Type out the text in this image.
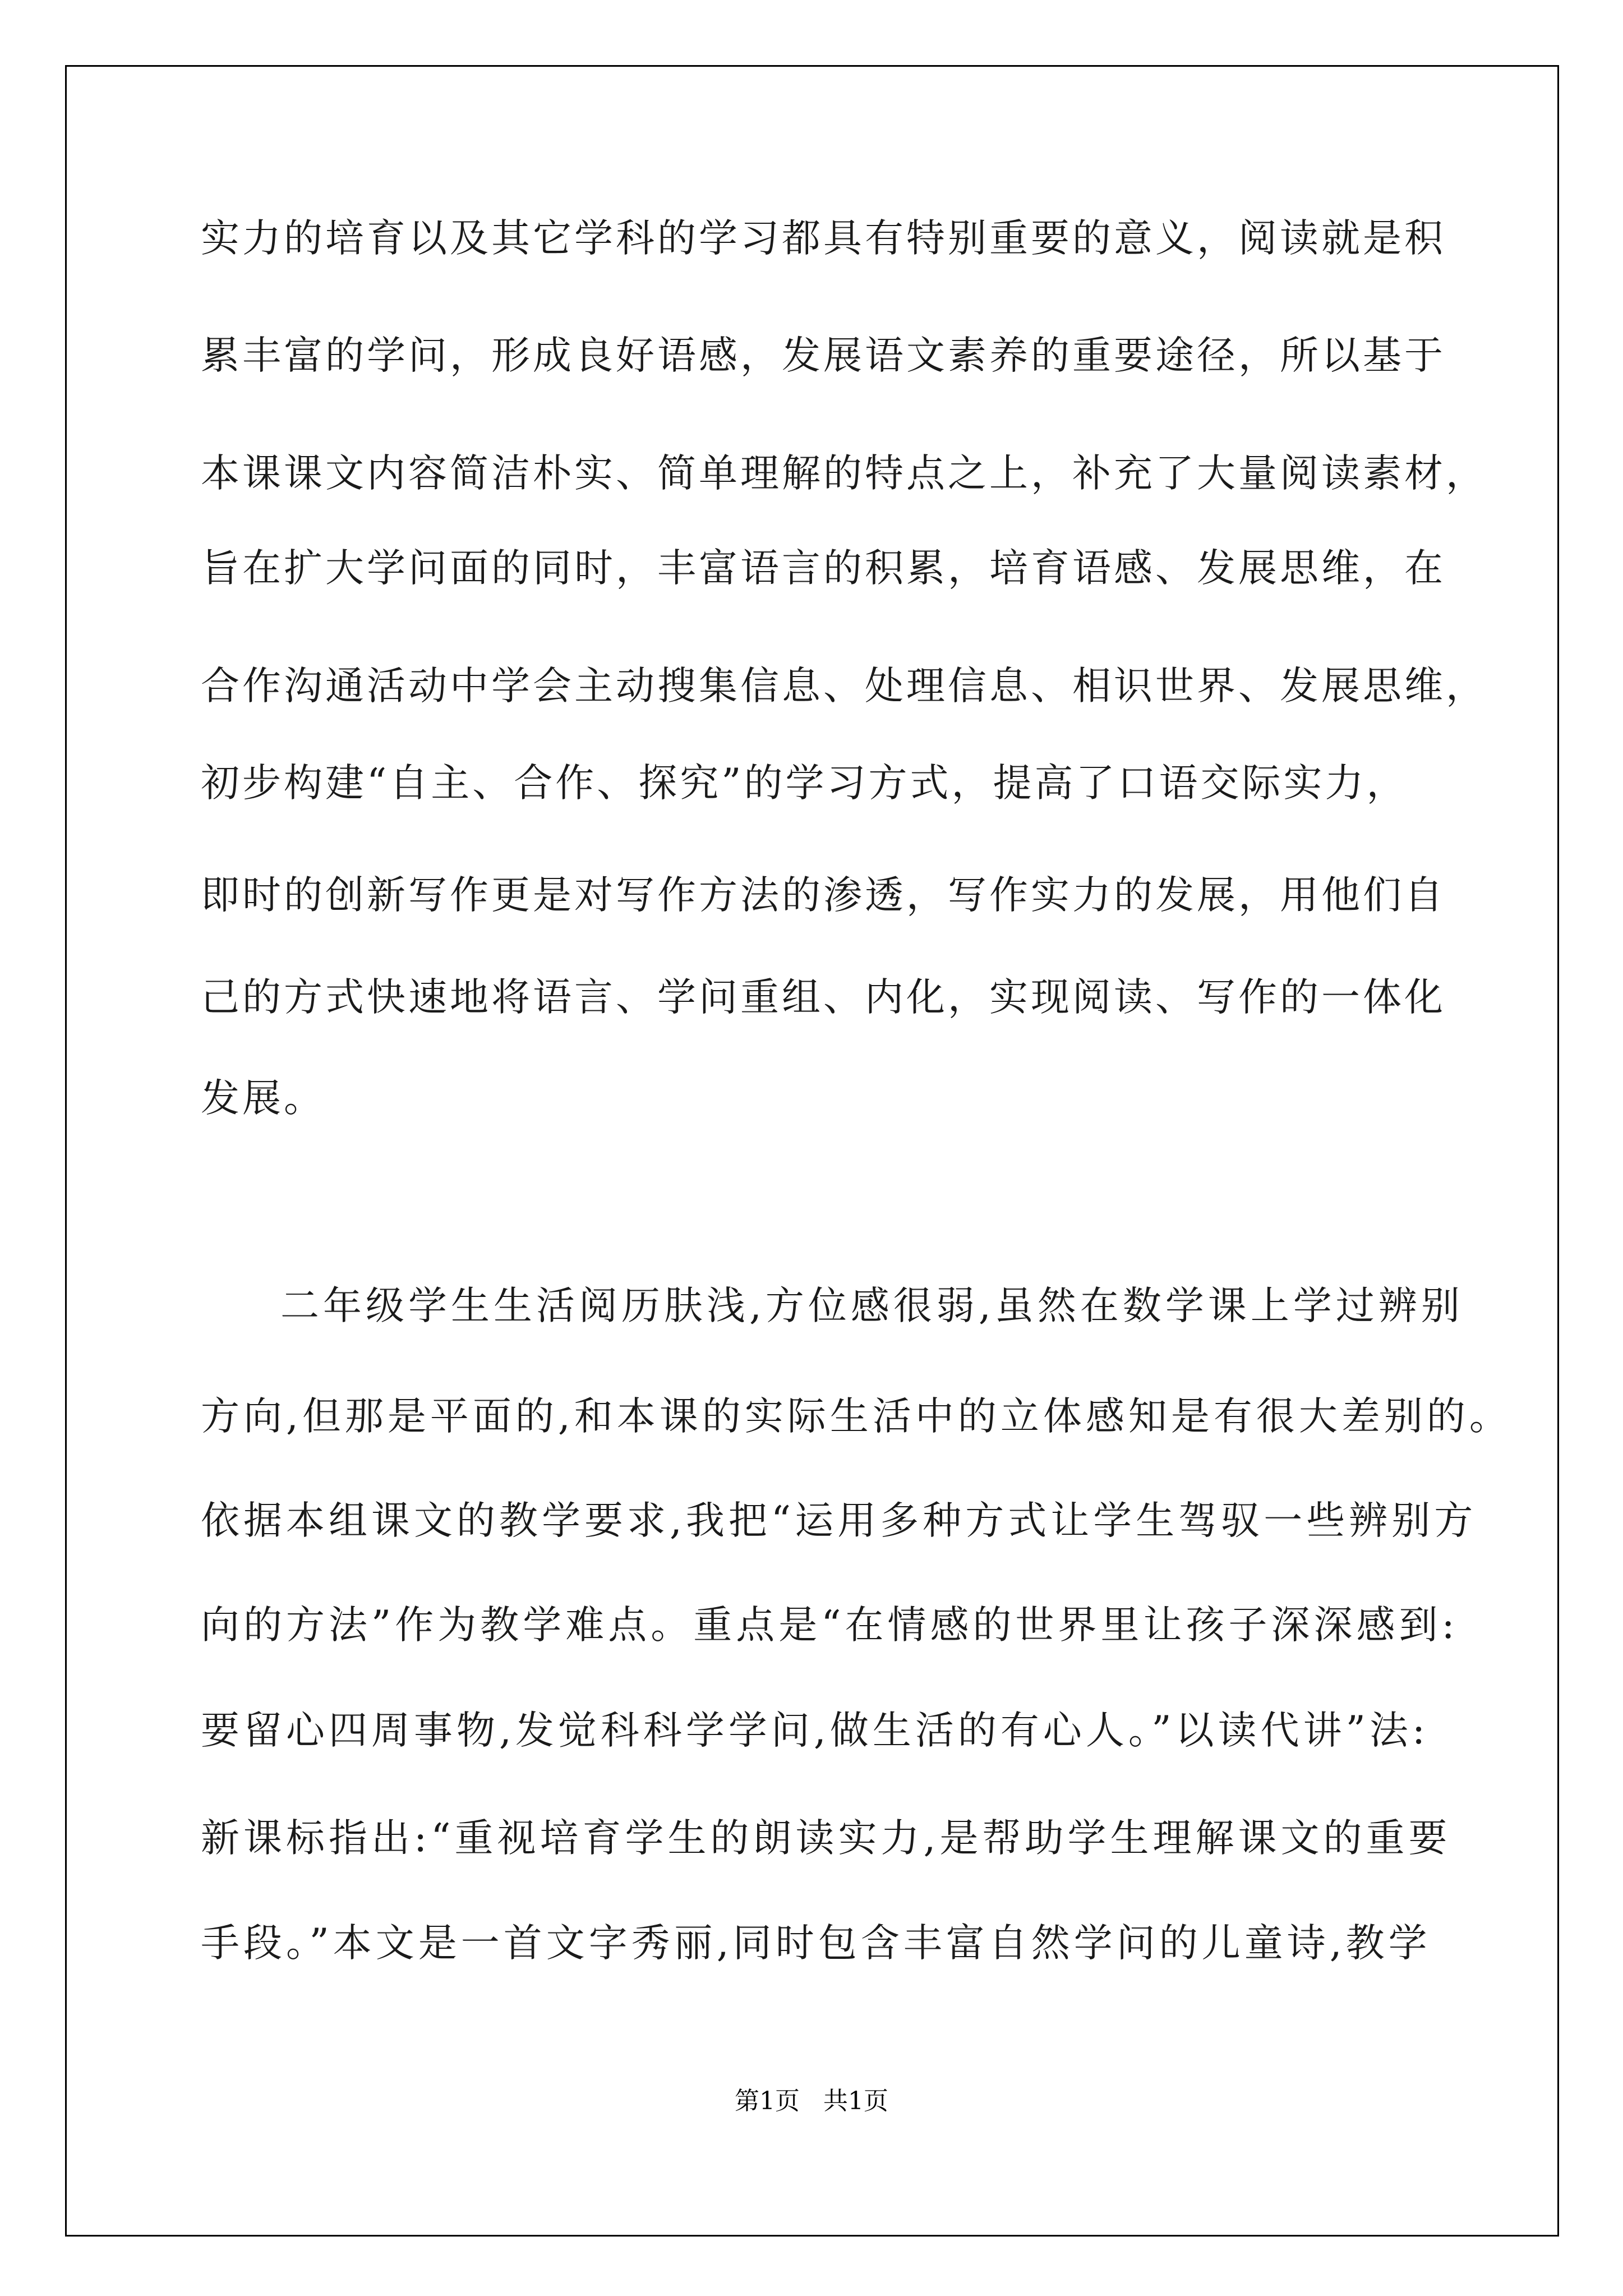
实力的培育以及其它学科的学习都具有特别重要的意义，阅读就是积
累丰富的学问，形成良好语感，发展语文素养的重要途径，所以基于
本课课文内容简洁朴实、简单理解的特点之上，补充了大量阅读素材，
旨在扩大学问面的同时，丰富语言的积累，培育语感、发展思维，在
合作沟通活动中学会主动搜集信息、处理信息、相识世界、发展思维，
初步构建“自主、合作、探究”的学习方式，提高了口语交际实力，
即时的创新写作更是对写作方法的渗透，写作实力的发展，用他们自
己的方式快速地将语言、学问重组、内化，实现阅读、写作的一体化
发展。
二年级学生生活阅历肤浅,方位感很弱,虽然在数学课上学过辨别
方向,但那是平面的,和本课的实际生活中的立体感知是有很大差别的。
依据本组课文的教学要求,我把“运用多种方式让学生驾驭一些辨别方
向的方法”作为教学难点。重点是“在情感的世界里让孩子深深感到:
要留心四周事物,发觉科科学学问,做生活的有心人。”以读代讲”法:
新课标指出:“重视培育学生的朗读实力,是帮助学生理解课文的重要
手段。”本文是一首文字秀丽,同时包含丰富自然学问的儿童诗,教学
第1页 共1页
